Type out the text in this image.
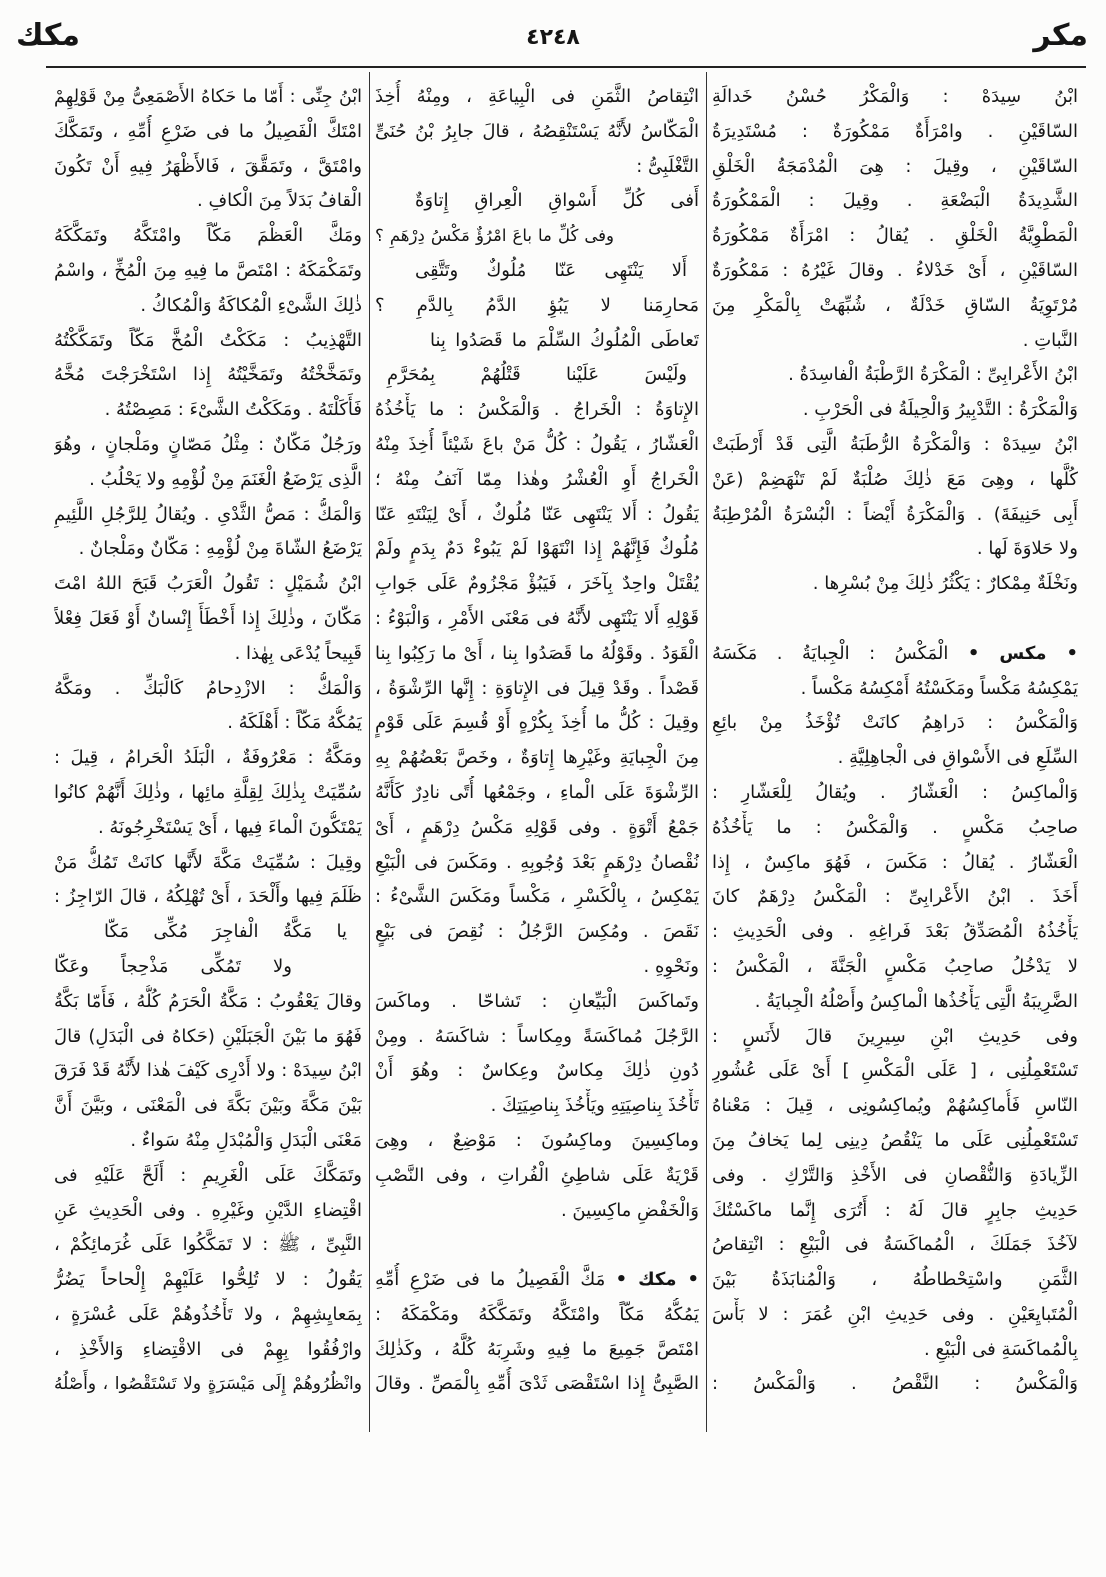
مكر
٤٢٤٨
مكك
ابْنُ سِيدَهْ : وَالْمَكْرُ حُسْنُ خَدالَةِ
السّاقَيْنِ . وامْرَأَةٌ مَمْكُورَةٌ : مُسْتَدِيرَةُ
السّاقَيْنِ ، وقِيلَ : هِىَ الْمُدْمَجَةُ الْخَلْقِ
الشَّدِيدَةُ الْبَضْعَةِ . وقِيلَ : الْمَمْكُورَةُ
الْمَطْوِيَّةُ الْخَلْقِ . يُقالُ : امْرَأَةٌ مَمْكُورَةُ
السّاقَيْنِ ، أَىْ خَدْلاءُ . وقالَ غَيْرُهُ : مَمْكُورَةٌ
مُرْتَوِيَةُ السّاقِ خَدْلَةٌ ، شُبِّهَتْ بِالْمَكْرِ مِنَ
النَّباتِ .
ابْنُ الأَعْرابِىِّ : الْمَكْرَةُ الرَّطْبَةُ الْفاسِدَةُ .
وَالْمَكْرَةُ : التَّدْبِيرُ وَالْحِيلَةُ فى الْحَرْبِ .
ابْنُ سِيدَهْ : وَالْمَكْرَةُ الرُّطَبَةُ الَّتِى قَدْ أَرْطَبَتْ
كُلَّها ، وهِىَ مَعَ ذٰلِكَ صُلْبَةٌ لَمْ تَنْهَضِمْ (عَنْ
أَبِى حَنِيفَةَ) . وَالْمَكْرَةُ أَيْضاً : الْبُسْرَةُ الْمُرْطِبَةُ
ولا حَلاوَةَ لَها .
ونَخْلَةٌ مِمْكارٌ : يَكْثُرُ ذٰلِكَ مِنْ بُسْرِها .
• مكس • الْمَكْسُ : الْجِبايَةُ . مَكَسَهُ
يَمْكِسُهُ مَكْساً ومَكَسْتُهُ أَمْكِسُهُ مَكْساً .
وَالْمَكْسُ : دَراهِمُ كانَتْ تُؤْخَذُ مِنْ بائِعِ
السِّلَعِ فى الأَسْواقِ فى الْجاهِلِيَّةِ .
وَالْماكِسُ : الْعَشّارُ . ويُقالُ لِلْعَشّارِ :
صاحِبُ مَكْسٍ . وَالْمَكْسُ : ما يَأْخُذُهُ
الْعَشّارُ . يُقالُ : مَكَسَ ، فَهُوَ ماكِسٌ ، إِذا
أَخَذَ . ابْنُ الأَعْرابِىِّ : الْمَكْسُ دِرْهَمٌ كانَ
يَأْخُذُهُ الْمُصَدِّقُ بَعْدَ فَراغِهِ . وفى الْحَدِيثِ :
لا يَدْخُلُ صاحِبُ مَكْسٍ الْجَنَّةَ ، الْمَكْسُ :
الضَّرِيبَةُ الَّتِى يَأْخُذُها الْماكِسُ وأَصْلُهُ الْجِبايَةُ .
وفى حَدِيثِ ابْنِ سِيرِينَ قالَ لأَنَسٍ :
تَسْتَعْمِلُنِى ، [ عَلَى الْمَكْسِ ] أَىْ عَلَى عُشُورِ
النّاسِ فَأُماكِسُهُمْ ويُماكِسُونِى ، قِيلَ : مَعْناهُ
تَسْتَعْمِلُنِى عَلَى ما يَنْقُصُ دِينِى لِما يَخافُ مِنَ
الزِّيادَةِ وَالنُّقْصانِ فى الأَخْذِ وَالتَّرْكِ . وفى
حَدِيثِ جابِرٍ قالَ لَهُ : أَتُرَى إِنَّما ماكَسْتُكَ
لآخُذَ جَمَلَكَ ، الْمُماكَسَةُ فى الْبَيْعِ : انْتِقاصُ
الثَّمَنِ واسْتِحْطاطُهُ ، وَالْمُنابَذَةُ بَيْنَ
الْمُتَبايِعَيْنِ . وفى حَدِيثِ ابْنِ عُمَرَ : لا بَأْسَ
بِالْمُماكَسَةِ فى الْبَيْعِ .
وَالْمَكْسُ : النَّقْصُ . وَالْمَكْسُ :
انْتِقاصُ الثَّمَنِ فى الْبِياعَةِ ، ومِنْهُ أُخِذَ
الْمَكّاسُ لأَنَّهُ يَسْتَنْقِصُهُ ، قالَ جابِرُ بْنُ حُنَىٍّ
التَّغْلَبِىُّ :
أَفى كُلِّ أَسْواقِ الْعِراقِ إِتاوَةٌ
وفى كُلِّ ما باعَ امْرُؤٌ مَكْسُ دِرْهَمِ ؟
أَلا يَنْتَهِى عَنّا مُلُوكٌ وتَتَّقِى
مَحارِمَنا لا يَبُؤِ الدَّمُ بِالدَّمِ ؟
تَعاطَى الْمُلُوكُ السِّلْمَ ما قَصَدُوا بِنا
ولَيْسَ عَلَيْنا قَتْلُهُمْ بِمُحَرَّمِ
الإِتاوَةُ : الْخَراجُ . وَالْمَكْسُ : ما يَأْخُذُهُ
الْعَشّارُ ، يَقُولُ : كُلُّ مَنْ باعَ شَيْئاً أُخِذَ مِنْهُ
الْخَراجُ أَوِ الْعُشْرُ وهٰذا مِمّا آنَفُ مِنْهُ ؛
يَقُولُ : أَلا يَنْتَهِى عَنّا مُلُوكٌ ، أَىْ لِيَنْتَهِ عَنّا
مُلُوكٌ فَإِنَّهُمْ إِذا انْتَهَوْا لَمْ يَبُوءْ دَمٌ بِدَمٍ ولَمْ
يُقْتَلْ واحِدٌ بِآخَرَ ، فَيَبُؤْ مَجْزُومٌ عَلَى جَوابِ
قَوْلِهِ أَلا يَنْتَهِى لأَنَّهُ فى مَعْنَى الأَمْرِ ، وَالْبَوْءُ :
الْقَوَدُ . وقَوْلُهُ ما قَصَدُوا بِنا ، أَىْ ما رَكِبُوا بِنا
قَصْداً . وقَدْ قِيلَ فى الإِتاوَةِ : إِنَّها الرِّشْوَةُ ،
وقِيلَ : كُلُّ ما أُخِذَ بِكُرْهٍ أَوْ قُسِمَ عَلَى قَوْمٍ
مِنَ الْجِبايَةِ وغَيْرِها إِتاوَةٌ ، وخَصَّ بَعْضُهُمْ بِهِ
الرِّشْوَةَ عَلَى الْماءِ ، وجَمْعُها أُتًى نادِرٌ كَأَنَّهُ
جَمْعُ أَتْوَةٍ . وفى قَوْلِهِ مَكْسُ دِرْهَمٍ ، أَىْ
نُقْصانُ دِرْهَمٍ بَعْدَ وُجُوبِهِ . ومَكَسَ فى الْبَيْعِ
يَمْكِسُ ، بِالْكَسْرِ ، مَكْساً ومَكَسَ الشَّىْءُ :
نَقَصَ . ومُكِسَ الرَّجُلُ : نُقِصَ فى بَيْعٍ
ونَحْوِهِ .
وتَماكَسَ الْبَيِّعانِ : تَشاحّا . وماكَسَ
الرَّجُلَ مُماكَسَةً ومِكاساً : شاكَسَهُ . ومِنْ
دُونِ ذٰلِكَ مِكاسٌ وعِكاسٌ : وهُوَ أَنْ
تَأْخُذَ بِناصِيَتِهِ ويَأْخُذَ بِناصِيَتِكَ .
وماكِسِينَ وماكِسُونَ : مَوْضِعٌ ، وهِىَ
قَرْيَةٌ عَلَى شاطِئِ الْفُراتِ ، وفى النَّصْبِ
وَالْخَفْضِ ماكِسِينَ .
• مكك • مَكَّ الْفَصِيلُ ما فى ضَرْعِ أُمِّهِ
يَمُكُّهُ مَكّاً وامْتَكَّهُ وتَمَكَّكَهُ ومَكْمَكَهُ :
امْتَصَّ جَمِيعَ ما فِيهِ وشَرِبَهُ كُلَّهُ ، وكَذٰلِكَ
الصَّبِىُّ إِذا اسْتَقْصَى ثَدْىَ أُمِّهِ بِالْمَصِّ . وقالَ
ابْنُ جِنِّى : أَمّا ما حَكاهُ الأَصْمَعِىُّ مِنْ قَوْلِهِمْ
امْتَكَّ الْفَصِيلُ ما فى ضَرْعِ أُمِّهِ ، وتَمَكَّكَ
وامْتَقَّ ، وتَمَقَّقَ ، فَالأَظْهَرُ فِيهِ أَنْ تَكُونَ
الْقافُ بَدَلاً مِنَ الْكافِ .
ومَكَّ الْعَظْمَ مَكّاً وامْتَكَّهُ وتَمَكَّكَهُ
وتَمَكْمَكَهُ : امْتَصَّ ما فِيهِ مِنَ الْمُخِّ ، واسْمُ
ذٰلِكَ الشَّىْءِ الْمُكاكَةُ وَالْمُكاكُ .
التَّهْذِيبُ : مَكَكْتُ الْمُخَّ مَكّاً وتَمَكَّكْتُهُ
وتَمَخَّخْتُهُ وتَمَخَّيْتُهُ إِذا اسْتَخْرَجْتَ مُخَّهُ
فَأَكَلْتَهُ . ومَكَكْتُ الشَّىْءَ : مَصِصْتُهُ .
ورَجُلٌ مَكّانٌ : مِثْلُ مَصّانٍ ومَلْجانٍ ، وهُوَ
الَّذِى يَرْضَعُ الْغَنَمَ مِنْ لُؤْمِهِ ولا يَحْلُبُ .
وَالْمَكُّ : مَصُّ الثَّدْىِ . ويُقالُ لِلرَّجُلِ اللَّئِيمِ
يَرْضَعُ الشّاةَ مِنْ لُؤْمِهِ : مَكّانٌ ومَلْجانٌ .
ابْنُ شُمَيْلٍ : تَقُولُ الْعَرَبُ قَبَحَ اللهُ امْتَ
مَكّانَ ، وذٰلِكَ إِذا أَخْطَأَ إِنْسانٌ أَوْ فَعَلَ فِعْلاً
قَبِيحاً يُدْعَى بِهٰذا .
وَالْمَكُّ : الازْدِحامُ كَالْبَكِّ . ومَكَّهُ
يَمُكُّهُ مَكّاً : أَهْلَكَهُ .
ومَكَّةُ : مَعْرُوفَةٌ ، الْبَلَدُ الْحَرامُ ، قِيلَ :
سُمِّيَتْ بِذٰلِكَ لِقِلَّةِ مائِها ، وذٰلِكَ أَنَّهُمْ كانُوا
يَمْتَكُّونَ الْماءَ فِيها ، أَىْ يَسْتَخْرِجُونَهُ .
وقِيلَ : سُمِّيَتْ مَكَّةَ لأَنَّها كانَتْ تَمُكُّ مَنْ
ظَلَمَ فِيها وأَلْحَدَ ، أَىْ تُهْلِكُهُ ، قالَ الرّاجِزُ :
يا مَكَّةُ الْفاجِرَ مُكِّى مَكّا
ولا تَمُكِّى مَذْحِجاً وعَكّا
وقالَ يَعْقُوبُ : مَكَّةُ الْحَرَمُ كُلُّهُ ، فَأَمّا بَكَّةُ
فَهُوَ ما بَيْنَ الْجَبَلَيْنِ (حَكاهُ فى الْبَدَلِ) قالَ
ابْنُ سِيدَهْ : ولا أَدْرِى كَيْفَ هٰذا لأَنَّهُ قَدْ فَرَقَ
بَيْنَ مَكَّةَ وبَيْنَ بَكَّةَ فى الْمَعْنَى ، وبَيَّنَ أَنَّ
مَعْنَى الْبَدَلِ وَالْمُبْدَلِ مِنْهُ سَواءٌ .
وتَمَكَّكَ عَلَى الْغَرِيمِ : أَلَحَّ عَلَيْهِ فى
اقْتِضاءِ الدَّيْنِ وغَيْرِهِ . وفى الْحَدِيثِ عَنِ
النَّبِىِّ ، ﷺ : لا تَمَكَّكُوا عَلَى غُرَمائِكُمْ ،
يَقُولُ : لا تُلِحُّوا عَلَيْهِمْ إِلْحاحاً يَضُرُّ
بِمَعايِشِهِمْ ، ولا تَأْخُذُوهُمْ عَلَى عُسْرَةٍ ،
وارْفُقُوا بِهِمْ فى الاقْتِضاءِ وَالأَخْذِ ،
وانْظُرُوهُمْ إِلَى مَيْسَرَةٍ ولا تَسْتَقْصُوا ، وأَصْلُهُ
